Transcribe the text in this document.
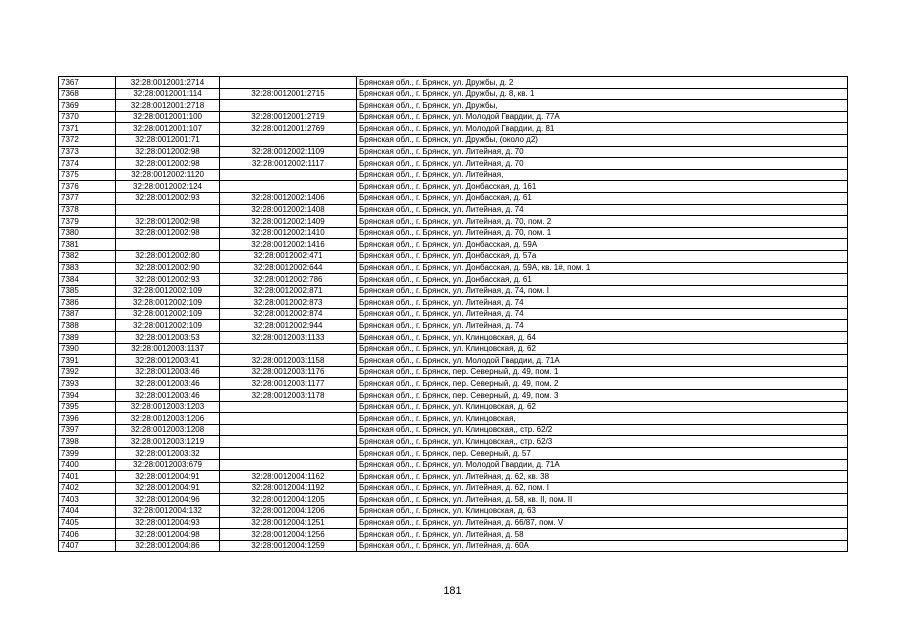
7367	32:28:0012001:2714		Брянская обл., г. Брянск, ул. Дружбы, д. 2
7368	32:28:0012001:114	32:28:0012001:2715	Брянская обл., г. Брянск, ул. Дружбы, д. 8, кв. 1
7369	32:28:0012001:2718		Брянская обл., г. Брянск, ул. Дружбы,
7370	32:28:0012001:100	32:28:0012001:2719	Брянская обл., г. Брянск, ул. Молодой Гвардии, д. 77А
7371	32:28:0012001:107	32:28:0012001:2769	Брянская обл., г. Брянск, ул. Молодой Гвардии, д. 81
7372	32:28:0012001:71		Брянская обл., г. Брянск, ул. Дружбы, (около д2)
7373	32:28:0012002:98	32:28:0012002:1109	Брянская обл., г. Брянск, ул. Литейная, д. 70
7374	32:28:0012002:98	32:28:0012002:1117	Брянская обл., г. Брянск, ул. Литейная, д. 70
7375	32:28:0012002:1120		Брянская обл., г. Брянск, ул. Литейная,
7376	32:28:0012002:124		Брянская обл., г. Брянск, ул. Донбасская, д. 161
7377	32:28:0012002:93	32:28:0012002:1406	Брянская обл., г. Брянск, ул. Донбасская, д. 61
7378		32:28:0012002:1408	Брянская обл., г. Брянск, ул. Литейная, д. 74
7379	32:28:0012002:98	32:28:0012002:1409	Брянская обл., г. Брянск, ул. Литейная, д. 70, пом. 2
7380	32:28:0012002:98	32:28:0012002:1410	Брянская обл., г. Брянск, ул. Литейная, д. 70, пом. 1
7381		32:28:0012002:1416	Брянская обл., г. Брянск, ул. Донбасская, д. 59А
7382	32:28:0012002:80	32:28:0012002:471	Брянская обл., г. Брянск, ул. Донбасская, д. 57а
7383	32:28:0012002:90	32:28:0012002:644	Брянская обл., г. Брянск, ул. Донбасская, д. 59А, кв. 1#, пом. 1
7384	32:28:0012002:93	32:28:0012002:786	Брянская обл., г. Брянск, ул. Донбасская, д. 61
7385	32:28:0012002:109	32:28:0012002:871	Брянская обл., г. Брянск, ул. Литейная, д. 74, пом. I
7386	32:28:0012002:109	32:28:0012002:873	Брянская обл., г. Брянск, ул. Литейная, д. 74
7387	32:28:0012002:109	32:28:0012002:874	Брянская обл., г. Брянск, ул. Литейная, д. 74
7388	32:28:0012002:109	32:28:0012002:944	Брянская обл., г. Брянск, ул. Литейная, д. 74
7389	32:28:0012003:53	32:28:0012003:1133	Брянская обл., г. Брянск, ул. Клинцовская, д. 64
7390	32:28:0012003:1137		Брянская обл., г. Брянск, ул. Клинцовская, д. 62
7391	32:28:0012003:41	32:28:0012003:1158	Брянская обл., г. Брянск, ул. Молодой Гвардии, д. 71А
7392	32:28:0012003:46	32:28:0012003:1176	Брянская обл., г. Брянск, пер. Северный, д. 49, пом. 1
7393	32:28:0012003:46	32:28:0012003:1177	Брянская обл., г. Брянск, пер. Северный, д. 49, пом. 2
7394	32:28:0012003:46	32:28:0012003:1178	Брянская обл., г. Брянск, пер. Северный, д. 49, пом. 3
7395	32:28:0012003:1203		Брянская обл., г. Брянск, ул. Клинцовская, д. 62
7396	32:28:0012003:1206		Брянская обл., г. Брянск, ул. Клинцовская,
7397	32:28:0012003:1208		Брянская обл., г. Брянск, ул. Клинцовская,, стр. 62/2
7398	32:28:0012003:1219		Брянская обл., г. Брянск, ул. Клинцовская,, стр. 62/3
7399	32:28:0012003:32		Брянская обл., г. Брянск, пер. Северный, д. 57
7400	32:28:0012003:679		Брянская обл., г. Брянск, ул. Молодой Гвардии, д. 71А
7401	32:28:0012004:91	32:28:0012004:1162	Брянская обл., г. Брянск, ул. Литейная, д. 62, кв. 38
7402	32:28:0012004:91	32:28:0012004:1192	Брянская обл., г. Брянск, ул. Литейная, д. 62, пом. I
7403	32:28:0012004:96	32:28:0012004:1205	Брянская обл., г. Брянск, ул. Литейная, д. 58, кв. II, пом. II
7404	32:28:0012004:132	32:28:0012004:1206	Брянская обл., г. Брянск, ул. Клинцовская, д. 63
7405	32:28:0012004:93	32:28:0012004:1251	Брянская обл., г. Брянск, ул. Литейная, д. 66/87, пом. V
7406	32:28:0012004:98	32:28:0012004:1256	Брянская обл., г. Брянск, ул. Литейная, д. 58
7407	32:28:0012004:86	32:28:0012004:1259	Брянская обл., г. Брянск, ул. Литейная, д. 60А
181
